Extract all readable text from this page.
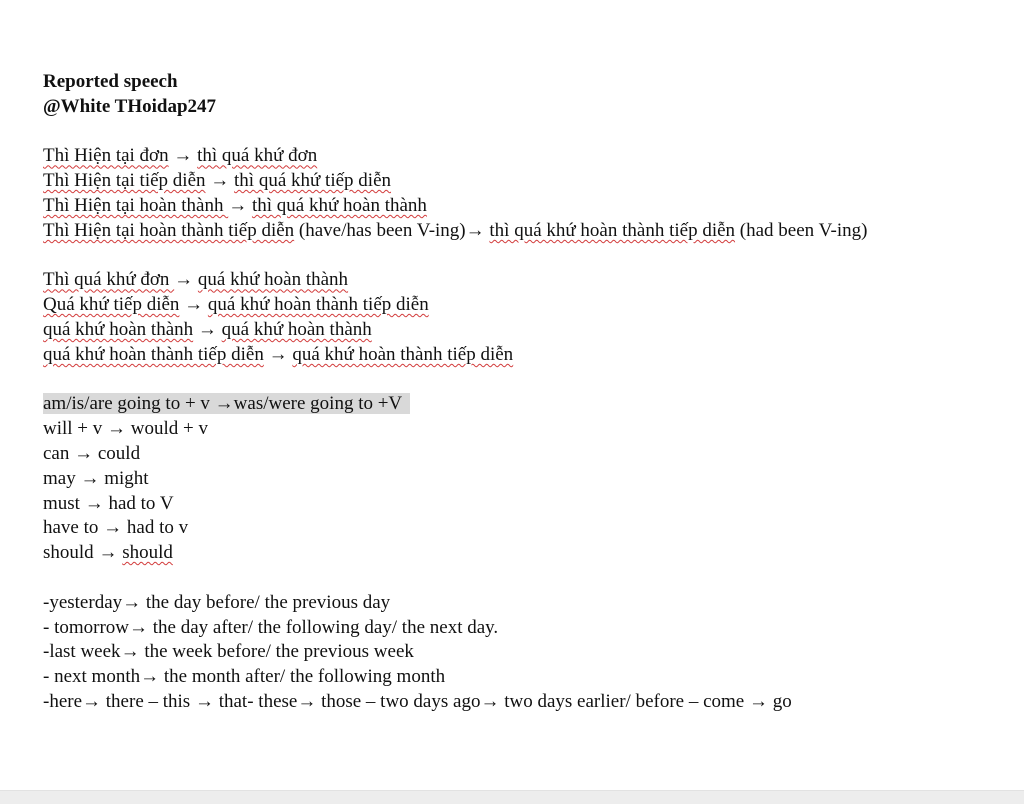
Reported speech
@White THoidap247
Thì Hiện tại đơn → thì quá khứ đơn
Thì Hiện tại tiếp diễn → thì quá khứ tiếp diễn
Thì Hiện tại hoàn thành → thì quá khứ hoàn thành
Thì Hiện tại hoàn thành tiếp diễn (have/has been V-ing)→ thì quá khứ hoàn thành tiếp diễn (had been V-ing)
Thì quá khứ đơn → quá khứ hoàn thành
Quá khứ tiếp diễn → quá khứ hoàn thành tiếp diễn
quá khứ hoàn thành → quá khứ hoàn thành
quá khứ hoàn thành tiếp diễn → quá khứ hoàn thành tiếp diễn
am/is/are going to + v →was/were going to +V
will + v → would + v
can → could
may → might
must → had to V
have to → had to v
should → should
-yesterday→ the day before/ the previous day
- tomorrow→ the day after/ the following day/ the next day.
-last week→ the week before/ the previous week
- next month→ the month after/ the following month
-here→ there – this → that- these→ those – two days ago→ two days earlier/ before – come → go
